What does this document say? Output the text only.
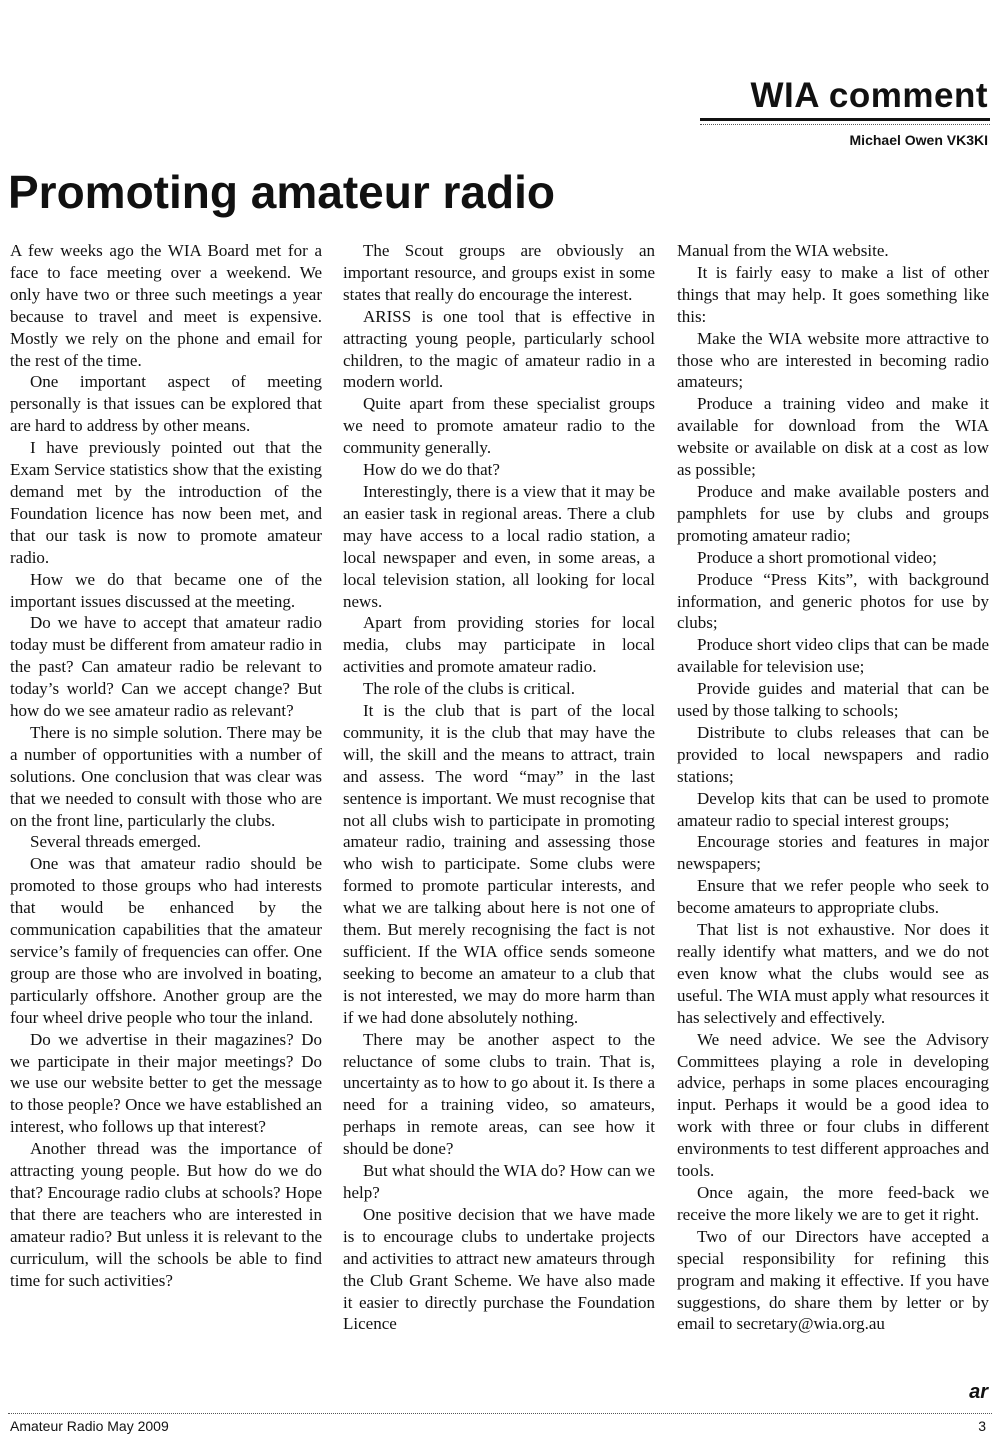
WIA comment
Michael Owen VK3KI
Promoting amateur radio

A few weeks ago the WIA Board met for a face to face meeting over a weekend. We only have two or three such meetings a year because to travel and meet is expensive. Mostly we rely on the phone and email for the rest of the time.

One important aspect of meeting personally is that issues can be explored that are hard to address by other means.

I have previously pointed out that the Exam Service statistics show that the existing demand met by the introduction of the Foundation licence has now been met, and that our task is now to promote amateur radio.

How we do that became one of the important issues discussed at the meeting.

Do we have to accept that amateur radio today must be different from amateur radio in the past? Can amateur radio be relevant to today’s world? Can we accept change? But how do we see amateur radio as relevant?

There is no simple solution. There may be a number of opportunities with a number of solutions. One conclusion that was clear was that we needed to consult with those who are on the front line, particularly the clubs.

Several threads emerged.

One was that amateur radio should be promoted to those groups who had interests that would be enhanced by the communication capabilities that the amateur service’s family of frequencies can offer. One group are those who are involved in boating, particularly offshore. Another group are the four wheel drive people who tour the inland.

Do we advertise in their magazines? Do we participate in their major meetings? Do we use our website better to get the message to those people? Once we have established an interest, who follows up that interest?

Another thread was the importance of attracting young people. But how do we do that? Encourage radio clubs at schools? Hope that there are teachers who are interested in amateur radio? But unless it is relevant to the curriculum, will the schools be able to find time for such activities?

The Scout groups are obviously an important resource, and groups exist in some states that really do encourage the interest.

ARISS is one tool that is effective in attracting young people, particularly school children, to the magic of amateur radio in a modern world.

Quite apart from these specialist groups we need to promote amateur radio to the community generally.

How do we do that?

Interestingly, there is a view that it may be an easier task in regional areas. There a club may have access to a local radio station, a local newspaper and even, in some areas, a local television station, all looking for local news.

Apart from providing stories for local media, clubs may participate in local activities and promote amateur radio.

The role of the clubs is critical.

It is the club that is part of the local community, it is the club that may have the will, the skill and the means to attract, train and assess. The word “may” in the last sentence is important. We must recognise that not all clubs wish to participate in promoting amateur radio, training and assessing those who wish to participate. Some clubs were formed to promote particular interests, and what we are talking about here is not one of them. But merely recognising the fact is not sufficient. If the WIA office sends someone seeking to become an amateur to a club that is not interested, we may do more harm than if we had done absolutely nothing.

There may be another aspect to the reluctance of some clubs to train. That is, uncertainty as to how to go about it. Is there a need for a training video, so amateurs, perhaps in remote areas, can see how it should be done?

But what should the WIA do? How can we help?

One positive decision that we have made is to encourage clubs to undertake projects and activities to attract new amateurs through the Club Grant Scheme. We have also made it easier to directly purchase the Foundation Licence

Manual from the WIA website.

It is fairly easy to make a list of other things that may help. It goes something like this:

Make the WIA website more attractive to those who are interested in becoming radio amateurs;

Produce a training video and make it available for download from the WIA website or available on disk at a cost as low as possible;

Produce and make available posters and pamphlets for use by clubs and groups promoting amateur radio;

Produce a short promotional video;

Produce “Press Kits”, with background information, and generic photos for use by clubs;

Produce short video clips that can be made available for television use;

Provide guides and material that can be used by those talking to schools;

Distribute to clubs releases that can be provided to local newspapers and radio stations;

Develop kits that can be used to promote amateur radio to special interest groups;

Encourage stories and features in major newspapers;

Ensure that we refer people who seek to become amateurs to appropriate clubs.

That list is not exhaustive. Nor does it really identify what matters, and we do not even know what the clubs would see as useful. The WIA must apply what resources it has selectively and effectively.

We need advice. We see the Advisory Committees playing a role in developing advice, perhaps in some places encouraging input. Perhaps it would be a good idea to work with three or four clubs in different environments to test different approaches and tools.

Once again, the more feed-back we receive the more likely we are to get it right.

Two of our Directors have accepted a special responsibility for refining this program and making it effective. If you have suggestions, do share them by letter or by email to secretary@wia.org.au

ar
Amateur Radio May 2009	3
